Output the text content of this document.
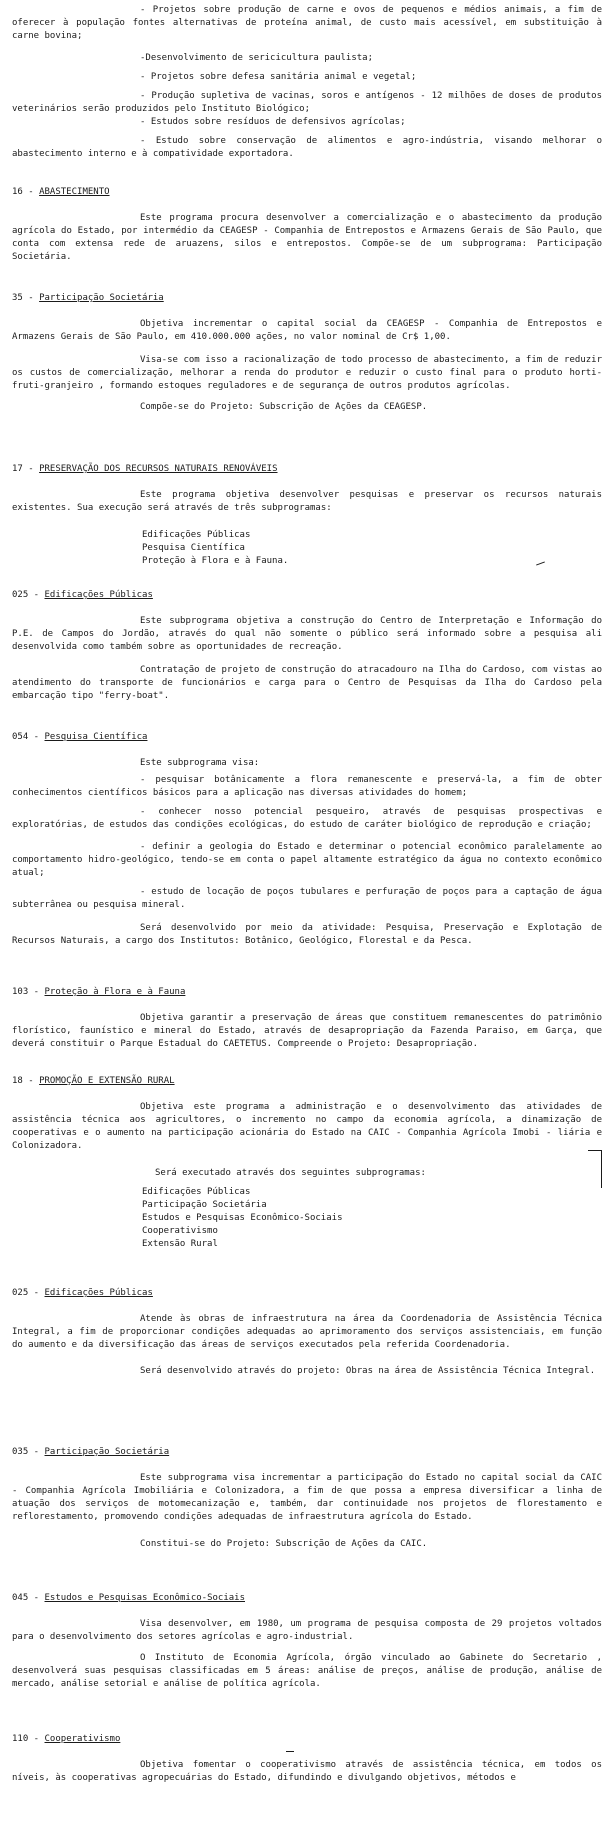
- Projetos sobre produção de carne e ovos de pequenos e médios animais, a fim de oferecer à população fontes alternativas de proteína animal, de custo mais acessível, em substituição à carne bovina;

-Desenvolvimento de sericicultura paulista;

- Projetos sobre defesa sanitária animal e vegetal;

- Produção supletiva de vacinas, soros e antígenos - 12 milhões de doses de produtos veterinários serão produzidos pelo Instituto Biológico;

- Estudos sobre resíduos de defensivos agrícolas;

- Estudo sobre conservação de alimentos e agro-indústria, visando melhorar o abastecimento interno e à compatividade exportadora.

16 - ABASTECIMENTO

Este programa procura desenvolver a comercialização e o abastecimento da produção agrícola do Estado, por intermédio da CEAGESP - Companhia de Entrepostos e Armazens Gerais de São Paulo, que conta com extensa rede de aruazens, silos e entrepostos. Compõe-se de um subprograma: Participação Societária.

35 - Participação Societária

Objetiva incrementar o capital social da CEAGESP - Companhia de Entrepostos e Armazens Gerais de São Paulo, em 410.000.000 ações, no valor nominal de Cr$ 1,00.

Visa-se com isso a racionalização de todo processo de abastecimento, a fim de reduzir os custos de comercialização, melhorar a renda do produtor e reduzir o custo final para o produto horti-fruti-granjeiro , formando estoques reguladores e de segurança de outros produtos agrícolas.

Compõe-se do Projeto: Subscrição de Ações da CEAGESP.

17 - PRESERVAÇÃO DOS RECURSOS NATURAIS RENOVÁVEIS

Este programa objetiva desenvolver pesquisas e preservar os recursos naturais existentes. Sua execução será através de três subprogramas:

Edificações Públicas
Pesquisa Científica
Proteção à Flora e à Fauna.

025 - Edificações Públicas

Este subprograma objetiva a construção do Centro de Interpretação e Informação do P.E. de Campos do Jordão, através do qual não somente o público será informado sobre a pesquisa ali desenvolvida como também sobre as oportunidades de recreação.

Contratação de projeto de construção do atracadouro na Ilha do Cardoso, com vistas ao atendimento do transporte de funcionários e carga para o Centro de Pesquisas da Ilha do Cardoso pela embarcação tipo "ferry-boat".

054 - Pesquisa Científica

Este subprograma visa:

- pesquisar botânicamente a flora remanescente e preservá-la, a fim de obter conhecimentos científicos básicos para a aplicação nas diversas atividades do homem;

- conhecer nosso potencial pesqueiro, através de pesquisas prospectivas e exploratórias, de estudos das condições ecológicas, do estudo de caráter biológico de reprodução e criação;

- definir a geologia do Estado e determinar o potencial econômico paralelamente ao comportamento hidro-geológico, tendo-se em conta o papel altamente estratégico da água no contexto econômico atual;

- estudo de locação de poços tubulares e perfuração de poços para a captação de água subterrânea ou pesquisa mineral.

Será desenvolvido por meio da atividade: Pesquisa, Preservação e Explotação de Recursos Naturais, a cargo dos Institutos: Botânico, Geológico, Florestal e da Pesca.

103 - Proteção à Flora e à Fauna

Objetiva garantir a preservação de áreas que constituem remanescentes do patrimônio florístico, faunístico e mineral do Estado, através de desapropriação da Fazenda Paraiso, em Garça, que deverá constituir o Parque Estadual do CAETETUS. Compreende o Projeto: Desapropriação.

18 - PROMOÇÃO E EXTENSÃO RURAL

Objetiva este programa a administração e o desenvolvimento das atividades de assistência técnica aos agricultores, o incremento no campo da economia agrícola, a dinamização de cooperativas e o aumento na participação acionária do Estado na CAIC - Companhia Agrícola Imobi - liária e Colonizadora.

Será executado através dos seguintes subprogramas:

Edificações Públicas
Participação Societária
Estudos e Pesquisas Econômico-Sociais
Cooperativismo
Extensão Rural

025 - Edificações Públicas

Atende às obras de infraestrutura na área da Coordenadoria de Assistência Técnica Integral, a fim de proporcionar condições adequadas ao aprimoramento dos serviços assistenciais, em função do aumento e da diversificação das áreas de serviços executados pela referida Coordenadoria.

Será desenvolvido através do projeto: Obras na área de Assistência Técnica Integral.

035 - Participação Societária

Este subprograma visa incrementar a participação do Estado no capital social da CAIC - Companhia Agrícola Imobiliária e Colonizadora, a fim de que possa a empresa diversificar a linha de atuação dos serviços de motomecanização e, também, dar continuidade nos projetos de florestamento e reflorestamento, promovendo condições adequadas de infraestrutura agrícola do Estado.

Constitui-se do Projeto: Subscrição de Ações da CAIC.

045 - Estudos e Pesquisas Econômico-Sociais

Visa desenvolver, em 1980, um programa de pesquisa composta de 29 projetos voltados para o desenvolvimento dos setores agrícolas e agro-industrial.

O Instituto de Economia Agrícola, órgão vinculado ao Gabinete do Secretario , desenvolverá suas pesquisas classificadas em 5 áreas: análise de preços, análise de produção, análise de mercado, análise setorial e análise de política agrícola.

110 - Cooperativismo

Objetiva fomentar o cooperativismo através de assistência técnica, em todos os níveis, às cooperativas agropecuárias do Estado, difundindo e divulgando objetivos, métodos e
